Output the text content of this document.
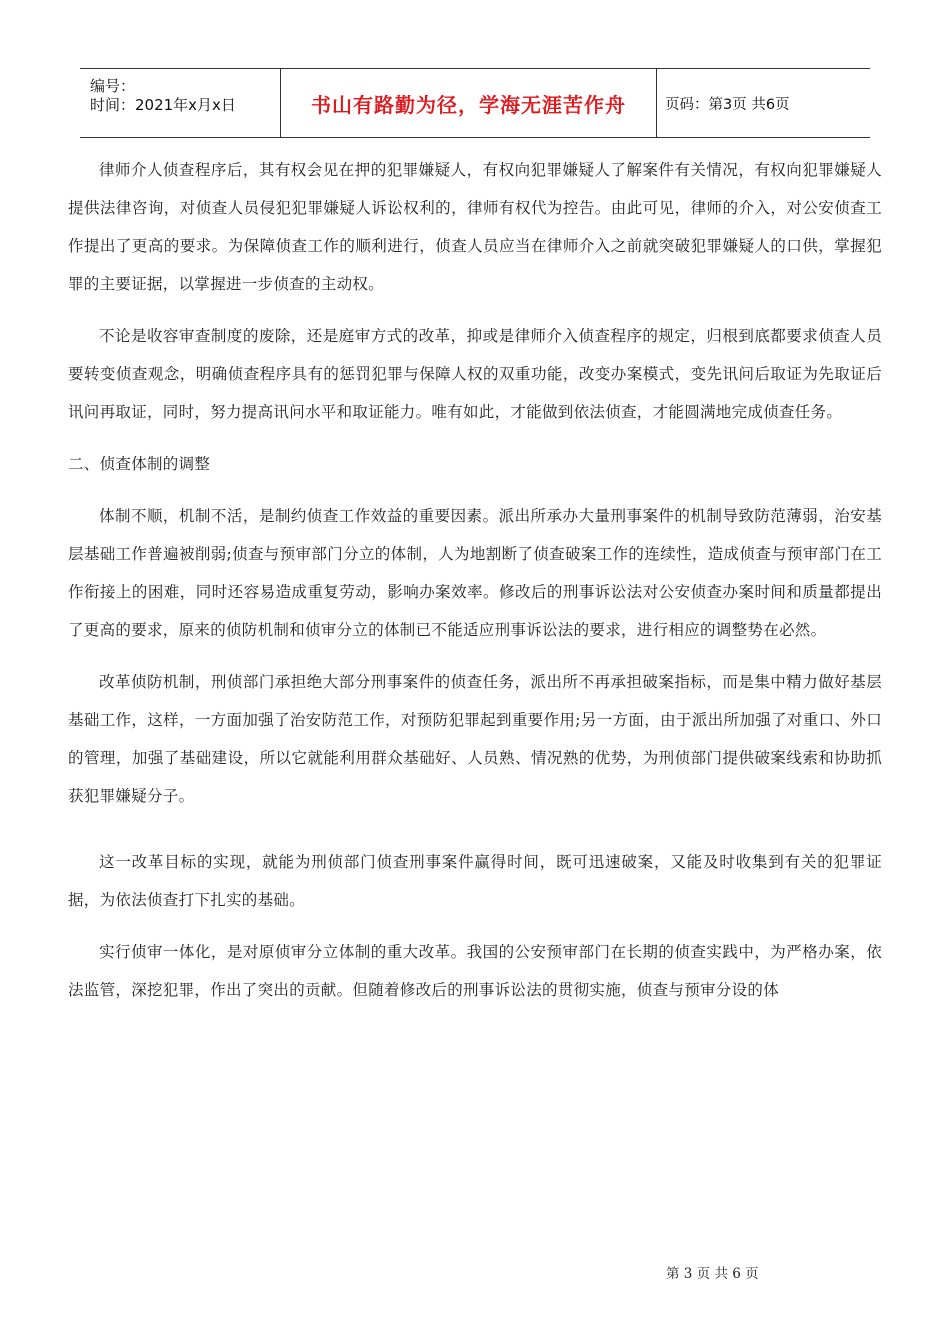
编号：
时间：2021年x月x日	书山有路勤为径，学海无涯苦作舟	页码：第3页 共6页

律师介人侦查程序后，其有权会见在押的犯罪嫌疑人，有权向犯罪嫌疑人了解案件有关情况，有权向犯罪嫌疑人提供法律咨询，对侦查人员侵犯犯罪嫌疑人诉讼权利的，律师有权代为控告。由此可见，律师的介入，对公安侦查工作提出了更高的要求。为保障侦查工作的顺利进行，侦查人员应当在律师介入之前就突破犯罪嫌疑人的口供，掌握犯罪的主要证据，以掌握进一步侦查的主动权。

不论是收容审查制度的废除，还是庭审方式的改革，抑或是律师介入侦查程序的规定，归根到底都要求侦查人员要转变侦查观念，明确侦查程序具有的惩罚犯罪与保障人权的双重功能，改变办案模式，变先讯问后取证为先取证后讯问再取证，同时，努力提高讯问水平和取证能力。唯有如此，才能做到依法侦查，才能圆满地完成侦查任务。

二、侦查体制的调整

体制不顺，机制不活，是制约侦查工作效益的重要因素。派出所承办大量刑事案件的机制导致防范薄弱，治安基层基础工作普遍被削弱;侦查与预审部门分立的体制，人为地割断了侦查破案工作的连续性，造成侦查与预审部门在工作衔接上的困难，同时还容易造成重复劳动，影响办案效率。修改后的刑事诉讼法对公安侦查办案时间和质量都提出了更高的要求，原来的侦防机制和侦审分立的体制已不能适应刑事诉讼法的要求，进行相应的调整势在必然。

改革侦防机制，刑侦部门承担绝大部分刑事案件的侦查任务，派出所不再承担破案指标，而是集中精力做好基层基础工作，这样，一方面加强了治安防范工作，对预防犯罪起到重要作用;另一方面，由于派出所加强了对重口、外口的管理，加强了基础建设，所以它就能利用群众基础好、人员熟、情况熟的优势，为刑侦部门提供破案线索和协助抓获犯罪嫌疑分子。

这一改革目标的实现，就能为刑侦部门侦查刑事案件赢得时间，既可迅速破案，又能及时收集到有关的犯罪证据，为依法侦查打下扎实的基础。

实行侦审一体化，是对原侦审分立体制的重大改革。我国的公安预审部门在长期的侦查实践中，为严格办案，依法监管，深挖犯罪，作出了突出的贡献。但随着修改后的刑事诉讼法的贯彻实施，侦查与预审分设的体

第 3 页 共 6 页
